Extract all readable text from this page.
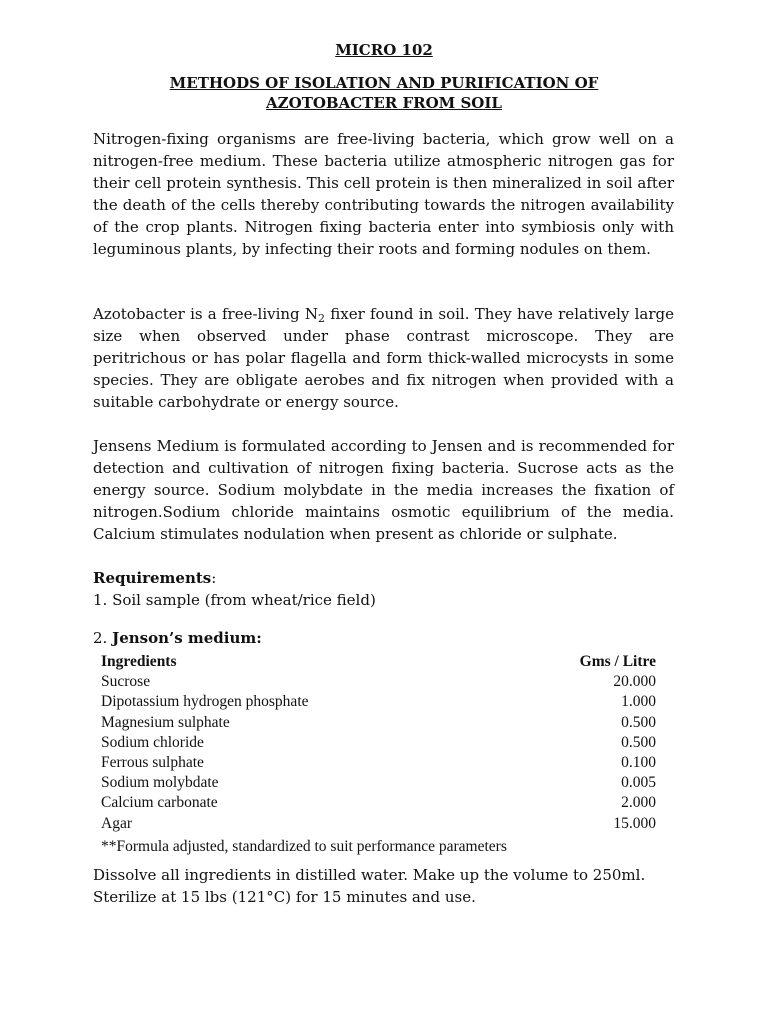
MICRO 102
METHODS OF ISOLATION AND PURIFICATION OF
AZOTOBACTER FROM SOIL

Nitrogen-fixing organisms are free-living bacteria, which grow well on a nitrogen-free medium. These bacteria utilize atmospheric nitrogen gas for their cell protein synthesis. This cell protein is then mineralized in soil after the death of the cells thereby contributing towards the nitrogen availability of the crop plants. Nitrogen fixing bacteria enter into symbiosis only with leguminous plants, by infecting their roots and forming nodules on them.

Azotobacter is a free-living $N_2$ fixer found in soil. They have relatively large size when observed under phase contrast microscope. They are peritrichous or has polar flagella and form thick-walled microcysts in some species. They are obligate aerobes and fix nitrogen when provided with a suitable carbohydrate or energy source.

Jensens Medium is formulated according to Jensen and is recommended for detection and cultivation of nitrogen fixing bacteria. Sucrose acts as the energy source. Sodium molybdate in the media increases the fixation of nitrogen.Sodium chloride maintains osmotic equilibrium of the media. Calcium stimulates nodulation when present as chloride or sulphate.

Requirements:
1. Soil sample (from wheat/rice field)
2. Jenson’s medium:
Ingredients	Gms / Litre
Sucrose	20.000
Dipotassium hydrogen phosphate	1.000
Magnesium sulphate	0.500
Sodium chloride	0.500
Ferrous sulphate	0.100
Sodium molybdate	0.005
Calcium carbonate	2.000
Agar	15.000
**Formula adjusted, standardized to suit performance parameters
Dissolve all ingredients in distilled water. Make up the volume to 250ml.
Sterilize at 15 lbs (121°C) for 15 minutes and use.
